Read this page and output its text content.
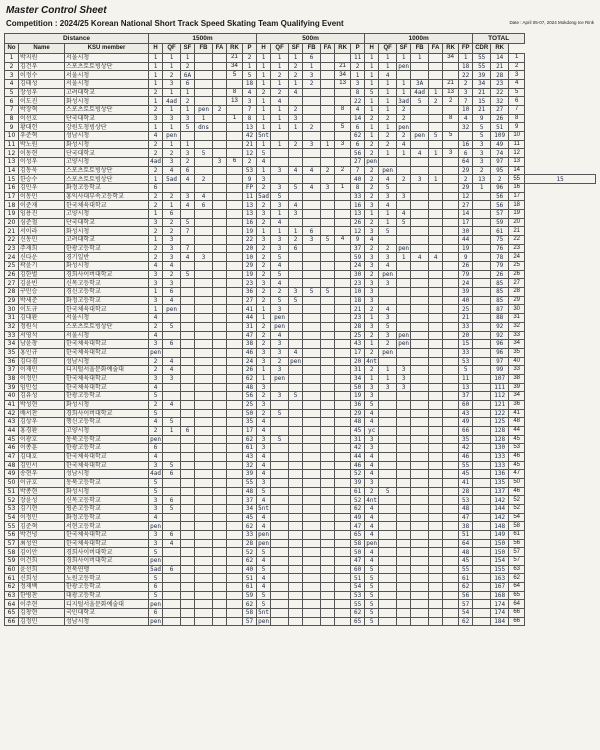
Master Control Sheet
Competition : 2024/25 Korean National Short Track Speed Skating Team Qualifying Event	Date : April 05-07, 2024 Mokdong Ice Rink
Distance			1500m							500m							1000m							TOTAL			
No	Name	KSU member	H	QF	SF	FB	FA	RK	P	H	QF	SF	FB	FA	RK	P	H	QF	SF	FB	FA	RK	FP	CDR	RK		
1	박지원	서울시청	1	1	1			21	2	1	1	1	6			11	1	1	1	1		34	1	55	14	1	
2	김건우	스포츠토토빙상단	1	1	2			34	1	1	1	2	1		21	2	1	1	pen				18	55	21	2	
3	이정수	서울시청	1	2	6A			5	5	1	2	2	3		34	1	1	4					22	39	28	3	
4	김태성	서울시청	1	3	6				18	1	1	1	2		13	3	1	1	1	3A		21	2	34	23	4	
5	장성우	고려대학교	2	1	1			8	4	2	2	4				8	5	1	1	4ad	1	13	3	21	22	5	
6	이도진	화성시청	1	4ad	2			13	3	1	4					22	1	1	3ad	5	2	2	7	15	32	6	
7	박장혁	스포츠토토빙상단	2	1	1	pen	2		7	1	1	2			8	4	1	1	2				10	21	27	7	
8	이선호	단국대학교	3	3	3	1		1	8	1	1	3				14	2	2	2			8	4	9	26	8	
9	황대헌	강원도청빙상단	1	1	5	dns			13	1	1	1	2		5	6	1	1	pen				32	5	51	9	
10	우준혁	성남시청	4	pen					42	5nt						62	1	2	2	pen	5	5		5	109	10	
11	박노원	화성시청	2	1	1				21	1	1	2	3	1	3	6	2	2	4				16	3	49	11	
12	이동현	단국대학교	2	2	3	5			12	5						56	2	1	1	4	1	3	6	3	74	12	
13	이성우	고양시청	4ad	3	2		3	6	2	4						27	pen						64	3	97	13	
14	김동욱	스포츠토토빙상단	2	4	6				53	1	3	4	4	2	2	7	2	pen					29	2	95	14	
15	한승수	스포츠토토빙상단	1	5ad	4	2			9	3						40	2	4	2	3	1		2	13	2	55	15
16	김민우	화정고등학교	6						FP	2	3	5	4	3	1	8	2	5					29	1	96	16	
17	이동민	홍익사대부속고등학교	2	2	3	4			11	5ad	5					33	2	3	3				12		56	17	
18	이준재	한국체육대학교	2	1	4	6			13	2	3	4				16	3	4					27		56	18	
19	임용진	고양시청	1	6					13	3	1	3				13	1	1	4				14		57	19	
20	심준철	단국대학교	3	2	5				16	2	4					26	2	1	5				17		59	20	
21	서이라	화성시청	2	2	7				19	1	1	1	6			12	3	5					30		61	21	
22	신동민	고려대학교	1	3					22	3	3	2	3	5	4	9	4						44		75	22	
23	주재희	한광고등학교	2	3	7				20	2	3	6				37	2	2	pen				19		76	23	
24	신다운	경기일반	2	3	4	3			10	2	5					59	3	3	1	4	4		9		78	24	
25	곽윤기	화성시청	4	4					29	2	4					24	3	4					26		79	25	
26	김한별	경희사이버대학교	3	2	5				19	2	5					30	2	pen					79		26	26	
27	김윤빈	신목고등학교	3	3					23	3	4					23	3	3					24		85	27	
28	구민승	경신고등학교	1	6					36	2	2	3	5	5		10	3						39		85	28	
29	박세준	화정고등학교	3	4					27	2	5	5				18	3						40		85	29	
30	이도규	한국체육대학교	1	pen					41	1	3					21	2	4					25		87	30	
31	김대환	서울시청	4						44	1	pen					23	1	3					21		88	31	
32	정원식	스포츠토토빙상단	2	5					31	2	pen					28	3	5					33		92	32	
33	서영석	서울시청	4						47	2	4					25	2	3	pen				20		92	33	
34	남윤창	한국체육대학교	3	6					38	2	3					43	1	2	pen				15		96	34	
35	홍인규	한국체육대학교	pen						46	3	3	4				17	2	pen					33		96	35	
36	김다겸	성남시청	2	4					24	3	2	pen				20	4nt						53		97	40	
37	이재민	디지털서울문화예술대	2	4					26	1	3					31	2	1	3				5		99	33	
38	이정민	한국체육대학교	3	3					62	1	pen					34	1	1	3				11		107	38	
39	임민섭	한국체육대학교	4						48	3						50	3	3	3				13		111	39	
40	김유성	한광고등학교	5						56	2	3	5				19	3						37		112	34	
41	박성현	화성시청	2	4					25	3						36	5						60		121	36	
42	배서찬	경희사이버대학교	5						50	2	5					29	4						43		122	41	
43	김상우	행신고등학교	4	5					35	4						48	4						49		125	48	
44	홍경환	고양시청	2	1	6				17	4						45	yc						66		128	44	
45	이광호	동북고등학교	pen						62	3	5					31	3						35		128	45	
46	이종훈	한광고등학교	6						61	3						42	3						42		130	53	
47	김대호	한국체육대학교	4						43	4						44	4						46		133	46	
48	김민서	한국체육대학교	3	5					32	4						46	4						55		133	45	
49	송현우	성남시청	4ad	6					39	4						52	4						45		136	47	
50	이규호	동북고등학교	5						55	3						39	3						41		135	50	
51	박종현	화성시청	5						48	5						61	2	5					28		137	46	
52	장윤성	신목고등학교	3	6					37	4						52	4nt						53		142	52	
53	김기현	평촌고등학교	3	5					34	5nt						62	4						48		144	52	
54	이정민	화정고등학교	4						45	4						49	4						47		142	54	
55	김준혁	서현고등학교	pen						62	4						47	4						38		148	58	
56	박건녕	한국체육대학교	3	6					33	pen						65	4						51		149	61	
57	최성연	한국체육대학교	3	4					28	pen						58	pen						64		150	56	
58	김이안	경희사이버대학교	5						52	5						50	4						48		150	57	
59	이건희	경희사이버대학교	pen						62	4						47	4						45		154	57	
60	윤선희	전북연맹	5ad	6					40	5						60	5						55		155	63	
61	신희성	노원고등학교	5						51	4						51	5						61		163	62	
62	정재백	한광고등학교	6						61	4						54	5						62		167	64	
63	한병찬	대광고등학교	5						59	5						53	5						56		168	65	
64	이주현	디지털서울문화예술대	pen						62	5						55	5						57		174	64	
65	김창현	국민대학교	6						58	5nt						62	5						54		174	66	
66	김정민	성남시청	pen						57	pen						65	5						62		184	66	
